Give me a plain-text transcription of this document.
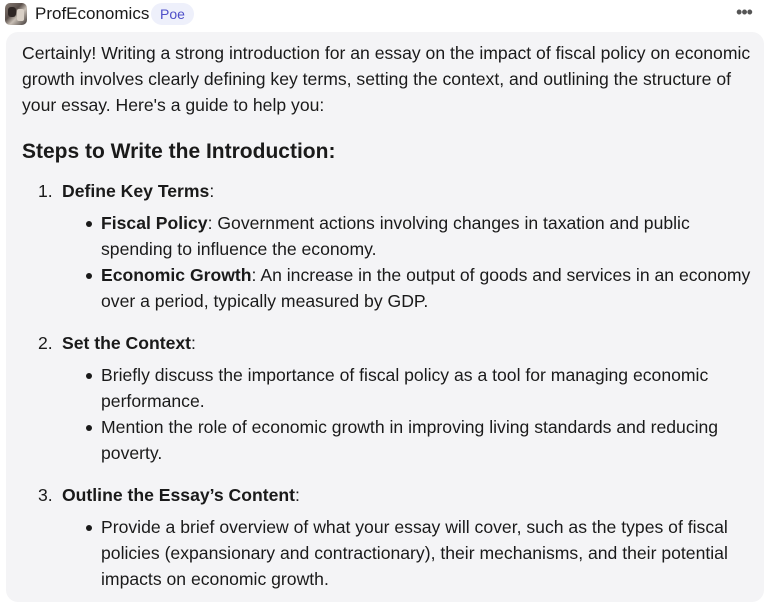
ProfEconomics Poe	•••

Certainly! Writing a strong introduction for an essay on the impact of fiscal policy on economic growth involves clearly defining key terms, setting the context, and outlining the structure of your essay. Here's a guide to help you:

Steps to Write the Introduction:
1. Define Key Terms:
Fiscal Policy: Government actions involving changes in taxation and public spending to influence the economy.
Economic Growth: An increase in the output of goods and services in an economy over a period, typically measured by GDP.
2. Set the Context:
Briefly discuss the importance of fiscal policy as a tool for managing economic performance.
Mention the role of economic growth in improving living standards and reducing poverty.
3. Outline the Essay’s Content:
Provide a brief overview of what your essay will cover, such as the types of fiscal policies (expansionary and contractionary), their mechanisms, and their potential impacts on economic growth.
